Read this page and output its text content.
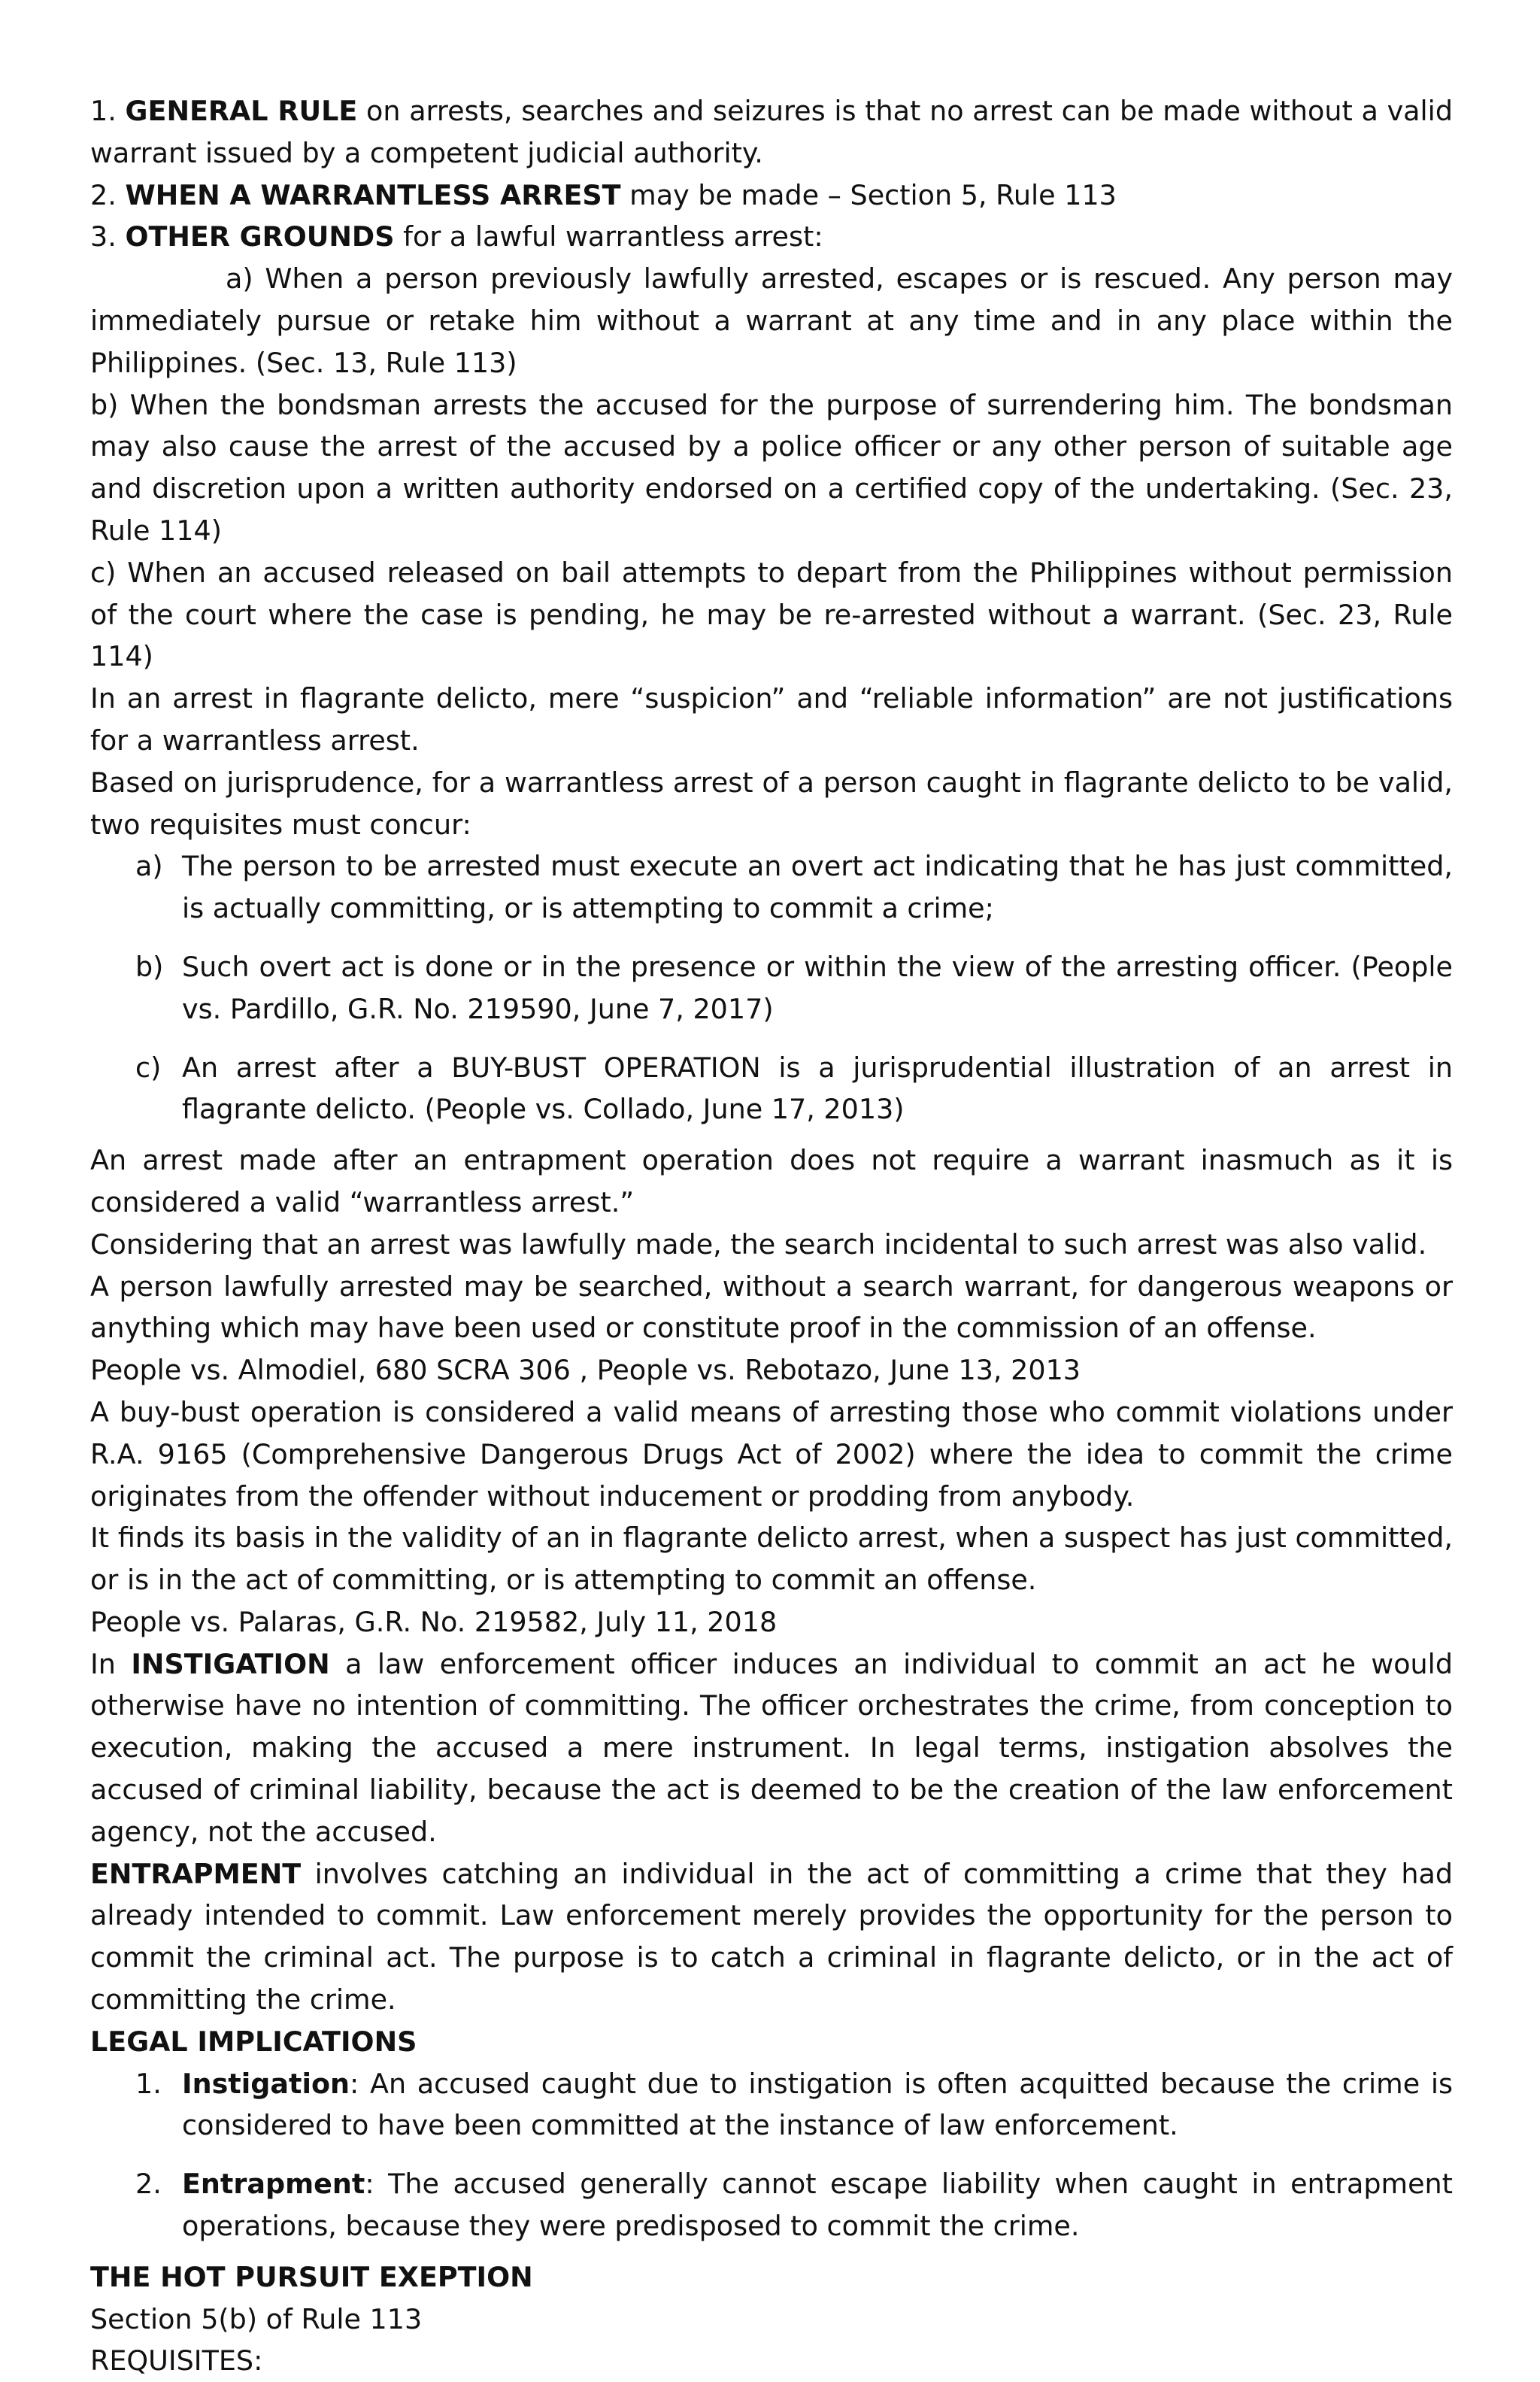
1. GENERAL RULE on arrests, searches and seizures is that no arrest can be made without a valid warrant issued by a competent judicial authority.

2. WHEN A WARRANTLESS ARREST may be made – Section 5, Rule 113

3. OTHER GROUNDS for a lawful warrantless arrest:

a) When a person previously lawfully arrested, escapes or is rescued. Any person may immediately pursue or retake him without a warrant at any time and in any place within the Philippines. (Sec. 13, Rule 113)

b) When the bondsman arrests the accused for the purpose of surrendering him. The bondsman may also cause the arrest of the accused by a police officer or any other person of suitable age and discretion upon a written authority endorsed on a certified copy of the undertaking. (Sec. 23, Rule 114)

c) When an accused released on bail attempts to depart from the Philippines without permission of the court where the case is pending, he may be re-arrested without a warrant. (Sec. 23, Rule 114)

In an arrest in flagrante delicto, mere “suspicion” and “reliable information” are not justifications for a warrantless arrest.

Based on jurisprudence, for a warrantless arrest of a person caught in flagrante delicto to be valid, two requisites must concur:

a) The person to be arrested must execute an overt act indicating that he has just committed, is actually committing, or is attempting to commit a crime;
b) Such overt act is done or in the presence or within the view of the arresting officer. (People vs. Pardillo, G.R. No. 219590, June 7, 2017)
c) An arrest after a BUY-BUST OPERATION is a jurisprudential illustration of an arrest in flagrante delicto. (People vs. Collado, June 17, 2013)

An arrest made after an entrapment operation does not require a warrant inasmuch as it is considered a valid “warrantless arrest.”

Considering that an arrest was lawfully made, the search incidental to such arrest was also valid.

A person lawfully arrested may be searched, without a search warrant, for dangerous weapons or anything which may have been used or constitute proof in the commission of an offense.

People vs. Almodiel, 680 SCRA 306 , People vs. Rebotazo, June 13, 2013

A buy-bust operation is considered a valid means of arresting those who commit violations under R.A. 9165 (Comprehensive Dangerous Drugs Act of 2002) where the idea to commit the crime originates from the offender without inducement or prodding from anybody.

It finds its basis in the validity of an in flagrante delicto arrest, when a suspect has just committed, or is in the act of committing, or is attempting to commit an offense.

People vs. Palaras, G.R. No. 219582, July 11, 2018

In INSTIGATION a law enforcement officer induces an individual to commit an act he would otherwise have no intention of committing. The officer orchestrates the crime, from conception to execution, making the accused a mere instrument. In legal terms, instigation absolves the accused of criminal liability, because the act is deemed to be the creation of the law enforcement agency, not the accused.

ENTRAPMENT involves catching an individual in the act of committing a crime that they had already intended to commit. Law enforcement merely provides the opportunity for the person to commit the criminal act. The purpose is to catch a criminal in flagrante delicto, or in the act of committing the crime.

LEGAL IMPLICATIONS

1. Instigation: An accused caught due to instigation is often acquitted because the crime is considered to have been committed at the instance of law enforcement.
2. Entrapment: The accused generally cannot escape liability when caught in entrapment operations, because they were predisposed to commit the crime.

THE HOT PURSUIT EXEPTION

Section 5(b) of Rule 113

REQUISITES:
